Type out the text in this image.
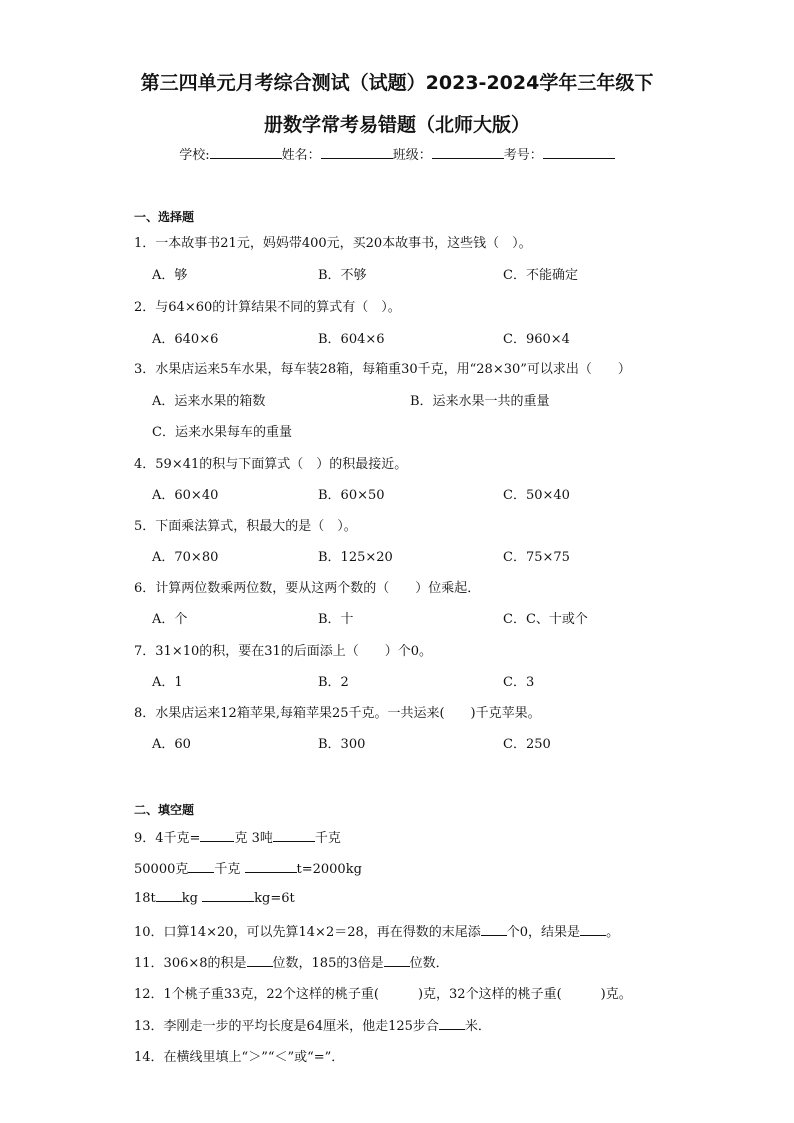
第三四单元月考综合测试（试题）2023-2024学年三年级下
册数学常考易错题（北师大版）
学校:	姓名：	班级：	考号：
一、选择题
1．一本故事书21元，妈妈带400元，买20本故事书，这些钱（　）。
A．够	B．不够	C．不能确定
2．与64×60的计算结果不同的算式有（　）。
A．640×6	B．604×6	C．960×4
3．水果店运来5车水果，每车装28箱，每箱重30千克，用“28×30”可以求出（　　）
A．运来水果的箱数	B．运来水果一共的重量
C．运来水果每车的重量
4．59×41的积与下面算式（　）的积最接近。
A．60×40	B．60×50	C．50×40
5．下面乘法算式，积最大的是（　）。
A．70×80	B．125×20	C．75×75
6．计算两位数乘两位数，要从这两个数的（　　）位乘起．
A．个	B．十	C．C、十或个
7．31×10的积，要在31的后面添上（　　）个0。
A．1	B．2	C．3
8．水果店运来12箱苹果,每箱苹果25千克。一共运来(　　)千克苹果。
A．60	B．300	C．250
二、填空题
9．4千克=	克 3吨	千克
50000克 千克	t=2000kg
18t kg	kg=6t
10．口算14×20，可以先算14×2＝28，再在得数的末尾添 个0，结果是 。
11．306×8的积是 位数，185的3倍是 位数．
12．1个桃子重33克，22个这样的桃子重(　　　)克，32个这样的桃子重(　　　)克。
13．李刚走一步的平均长度是64厘米，他走125步合 米．
14．在横线里填上“＞”“＜”或“=”．
